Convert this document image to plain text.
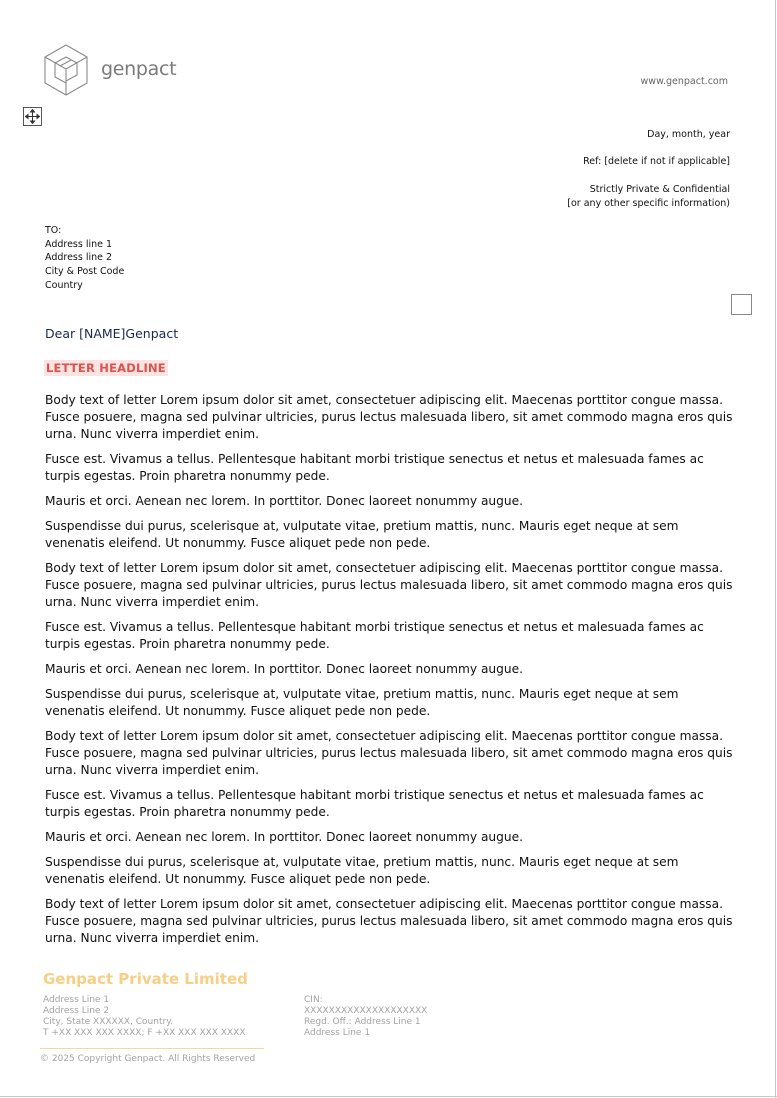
genpact
www.genpact.com
Day, month, year
Ref: [delete if not if applicable]
Strictly Private & Confidential
[or any other specific information)
TO:
Address line 1
Address line 2
City & Post Code
Country
Dear [NAME]Genpact
LETTER HEADLINE

Body text of letter Lorem ipsum dolor sit amet, consectetuer adipiscing elit. Maecenas porttitor congue massa. Fusce posuere, magna sed pulvinar ultricies, purus lectus malesuada libero, sit amet commodo magna eros quis urna. Nunc viverra imperdiet enim.

Fusce est. Vivamus a tellus. Pellentesque habitant morbi tristique senectus et netus et malesuada fames ac turpis egestas. Proin pharetra nonummy pede.

Mauris et orci. Aenean nec lorem. In porttitor. Donec laoreet nonummy augue.

Suspendisse dui purus, scelerisque at, vulputate vitae, pretium mattis, nunc. Mauris eget neque at sem venenatis eleifend. Ut nonummy. Fusce aliquet pede non pede.

Body text of letter Lorem ipsum dolor sit amet, consectetuer adipiscing elit. Maecenas porttitor congue massa. Fusce posuere, magna sed pulvinar ultricies, purus lectus malesuada libero, sit amet commodo magna eros quis urna. Nunc viverra imperdiet enim.

Fusce est. Vivamus a tellus. Pellentesque habitant morbi tristique senectus et netus et malesuada fames ac turpis egestas. Proin pharetra nonummy pede.

Mauris et orci. Aenean nec lorem. In porttitor. Donec laoreet nonummy augue.

Suspendisse dui purus, scelerisque at, vulputate vitae, pretium mattis, nunc. Mauris eget neque at sem venenatis eleifend. Ut nonummy. Fusce aliquet pede non pede.

Body text of letter Lorem ipsum dolor sit amet, consectetuer adipiscing elit. Maecenas porttitor congue massa. Fusce posuere, magna sed pulvinar ultricies, purus lectus malesuada libero, sit amet commodo magna eros quis urna. Nunc viverra imperdiet enim.

Fusce est. Vivamus a tellus. Pellentesque habitant morbi tristique senectus et netus et malesuada fames ac turpis egestas. Proin pharetra nonummy pede.

Mauris et orci. Aenean nec lorem. In porttitor. Donec laoreet nonummy augue.

Suspendisse dui purus, scelerisque at, vulputate vitae, pretium mattis, nunc. Mauris eget neque at sem venenatis eleifend. Ut nonummy. Fusce aliquet pede non pede.

Body text of letter Lorem ipsum dolor sit amet, consectetuer adipiscing elit. Maecenas porttitor congue massa. Fusce posuere, magna sed pulvinar ultricies, purus lectus malesuada libero, sit amet commodo magna eros quis urna. Nunc viverra imperdiet enim.

Genpact Private Limited
Address Line 1
Address Line 2
City, State XXXXXX, Country.
T +XX XXX XXX XXXX; F +XX XXX XXX XXXX
CIN:
XXXXXXXXXXXXXXXXXXXX
Regd. Off.: Address Line 1
Address Line 1
© 2025 Copyright Genpact. All Rights Reserved
